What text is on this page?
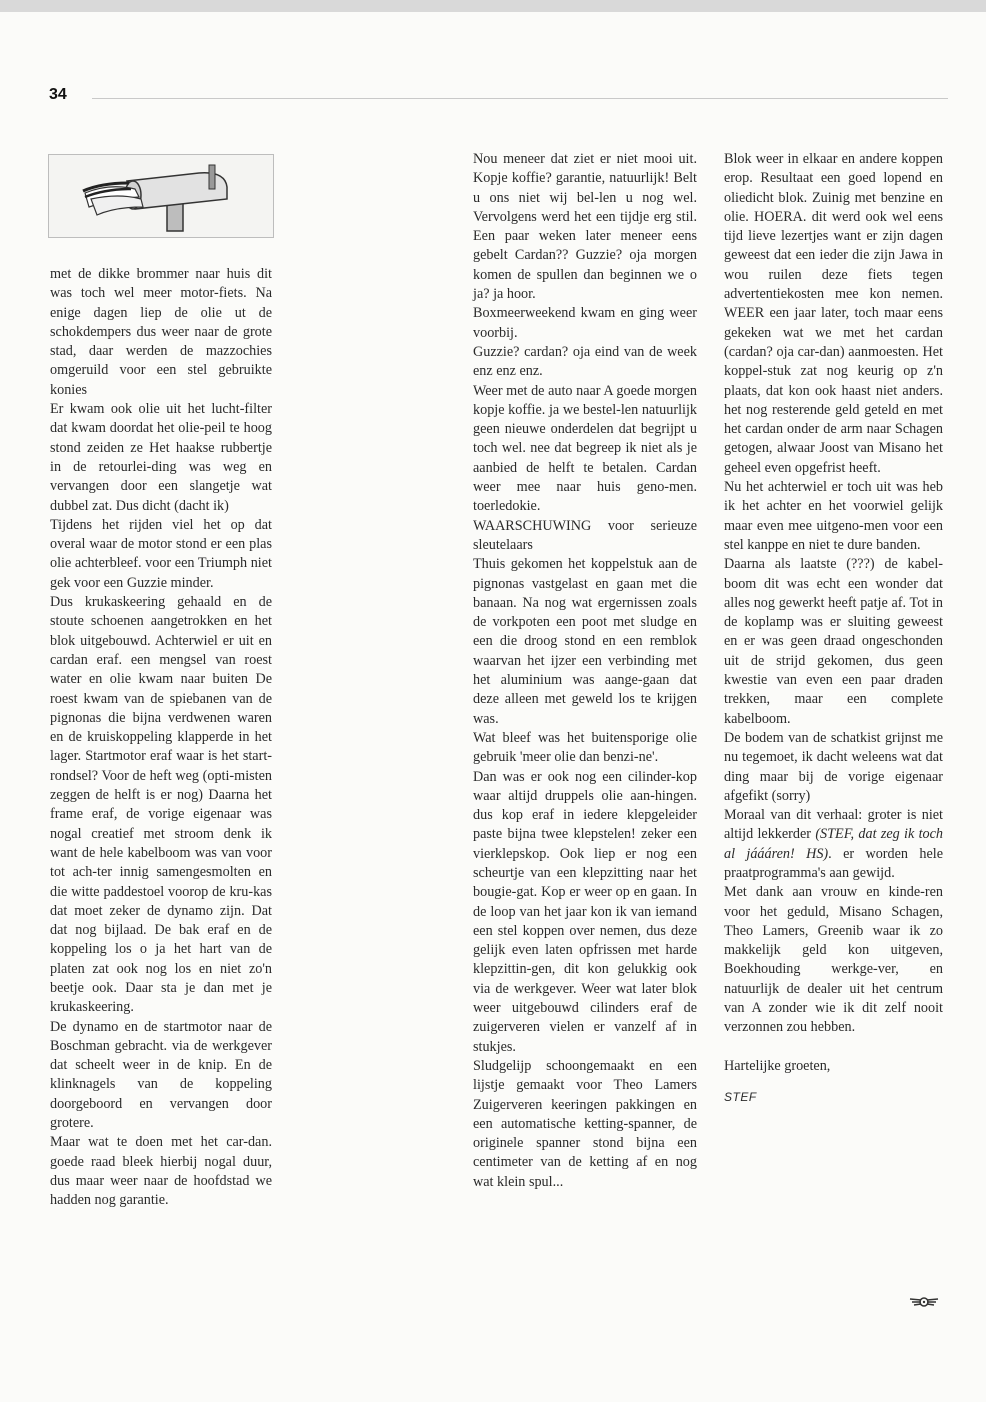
34

met de dikke brommer naar huis dit was toch wel meer motor-fiets. Na enige dagen liep de olie ut de schokdempers dus weer naar de grote stad, daar werden de mazzochies omgeruild voor een stel gebruikte konies

Er kwam ook olie uit het lucht-filter dat kwam doordat het olie-peil te hoog stond zeiden ze Het haakse rubbertje in de retourlei-ding was weg en vervangen door een slangetje wat dubbel zat. Dus dicht (dacht ik)

Tijdens het rijden viel het op dat overal waar de motor stond er een plas olie achterbleef. voor een Triumph niet gek voor een Guzzie minder.

Dus krukaskeering gehaald en de stoute schoenen aangetrokken en het blok uitgebouwd. Achterwiel er uit en cardan eraf. een mengsel van roest water en olie kwam naar buiten De roest kwam van de spiebanen van de pignonas die bijna verdwenen waren en de kruiskoppeling klapperde in het lager. Startmotor eraf waar is het start-rondsel? Voor de heft weg (opti-misten zeggen de helft is er nog) Daarna het frame eraf, de vorige eigenaar was nogal creatief met stroom denk ik want de hele kabelboom was van voor tot ach-ter innig samengesmolten en die witte paddestoel voorop de kru-kas dat moet zeker de dynamo zijn. Dat dat nog bijlaad. De bak eraf en de koppeling los o ja het hart van de platen zat ook nog los en niet zo'n beetje ook. Daar sta je dan met je krukaskeering.

De dynamo en de startmotor naar de Boschman gebracht. via de werkgever dat scheelt weer in de knip. En de klinknagels van de koppeling doorgeboord en vervangen door grotere.

Maar wat te doen met het car-dan. goede raad bleek hierbij nogal duur, dus maar weer naar de hoofdstad we hadden nog garantie.

Nou meneer dat ziet er niet mooi uit. Kopje koffie? garantie, natuurlijk! Belt u ons niet wij bel-len u nog wel. Vervolgens werd het een tijdje erg stil. Een paar weken later meneer eens gebelt Cardan?? Guzzie? oja morgen komen de spullen dan beginnen we o ja? ja hoor.

Boxmeerweekend kwam en ging weer voorbij.

Guzzie? cardan? oja eind van de week enz enz enz.

Weer met de auto naar A goede morgen kopje koffie. ja we bestel-len natuurlijk geen nieuwe onderdelen dat begrijpt u toch wel. nee dat begreep ik niet als je aanbied de helft te betalen. Cardan weer mee naar huis geno-men. toerledokie.

WAARSCHUWING voor serieuze sleutelaars

Thuis gekomen het koppelstuk aan de pignonas vastgelast en gaan met die banaan. Na nog wat ergernissen zoals de vorkpoten een poot met sludge en een die droog stond en een remblok waarvan het ijzer een verbinding met het aluminium was aange-gaan dat deze alleen met geweld los te krijgen was.

Wat bleef was het buitensporige olie gebruik 'meer olie dan benzi-ne'.

Dan was er ook nog een cilinder-kop waar altijd druppels olie aan-hingen. dus kop eraf in iedere klepgeleider paste bijna twee klepstelen! zeker een vierklepskop. Ook liep er nog een scheurtje van een klepzitting naar het bougie-gat. Kop er weer op en gaan. In de loop van het jaar kon ik van iemand een stel koppen over nemen, dus deze gelijk even laten opfrissen met harde klepzittin-gen, dit kon gelukkig ook via de werkgever. Weer wat later blok weer uitgebouwd cilinders eraf de zuigerveren vielen er vanzelf af in stukjes.

Sludgelijp schoongemaakt en een lijstje gemaakt voor Theo Lamers Zuigerveren keeringen pakkingen en een automatische ketting-spanner, de originele spanner stond bijna een centimeter van de ketting af en nog wat klein spul...

Blok weer in elkaar en andere koppen erop. Resultaat een goed lopend en oliedicht blok. Zuinig met benzine en olie. HOERA. dit werd ook wel eens tijd lieve lezertjes want er zijn dagen geweest dat een ieder die zijn Jawa in wou ruilen deze fiets tegen advertentiekosten mee kon nemen. WEER een jaar later, toch maar eens gekeken wat we met het cardan (cardan? oja car-dan) aanmoesten. Het koppel-stuk zat nog keurig op z'n plaats, dat kon ook haast niet anders. het nog resterende geld geteld en met het cardan onder de arm naar Schagen getogen, alwaar Joost van Misano het geheel even opgefrist heeft.

Nu het achterwiel er toch uit was heb ik het achter en het voorwiel gelijk maar even mee uitgeno-men voor een stel kanppe en niet te dure banden.

Daarna als laatste (???) de kabel-boom dit was echt een wonder dat alles nog gewerkt heeft patje af. Tot in de koplamp was er sluiting geweest en er was geen draad ongeschonden uit de strijd gekomen, dus geen kwestie van even een paar draden trekken, maar een complete kabelboom.

De bodem van de schatkist grijnst me nu tegemoet, ik dacht weleens wat dat ding maar bij de vorige eigenaar afgefikt (sorry)

Moraal van dit verhaal: groter is niet altijd lekkerder (STEF, dat zeg ik toch al jáááren! HS). er worden hele praatprogramma's aan gewijd.

Met dank aan vrouw en kinde-ren voor het geduld, Misano Schagen, Theo Lamers, Greenib waar ik zo makkelijk geld kon uitgeven, Boekhouding werkge-ver, en natuurlijk de dealer uit het centrum van A zonder wie ik dit zelf nooit verzonnen zou hebben.

Hartelijke groeten,

STEF
